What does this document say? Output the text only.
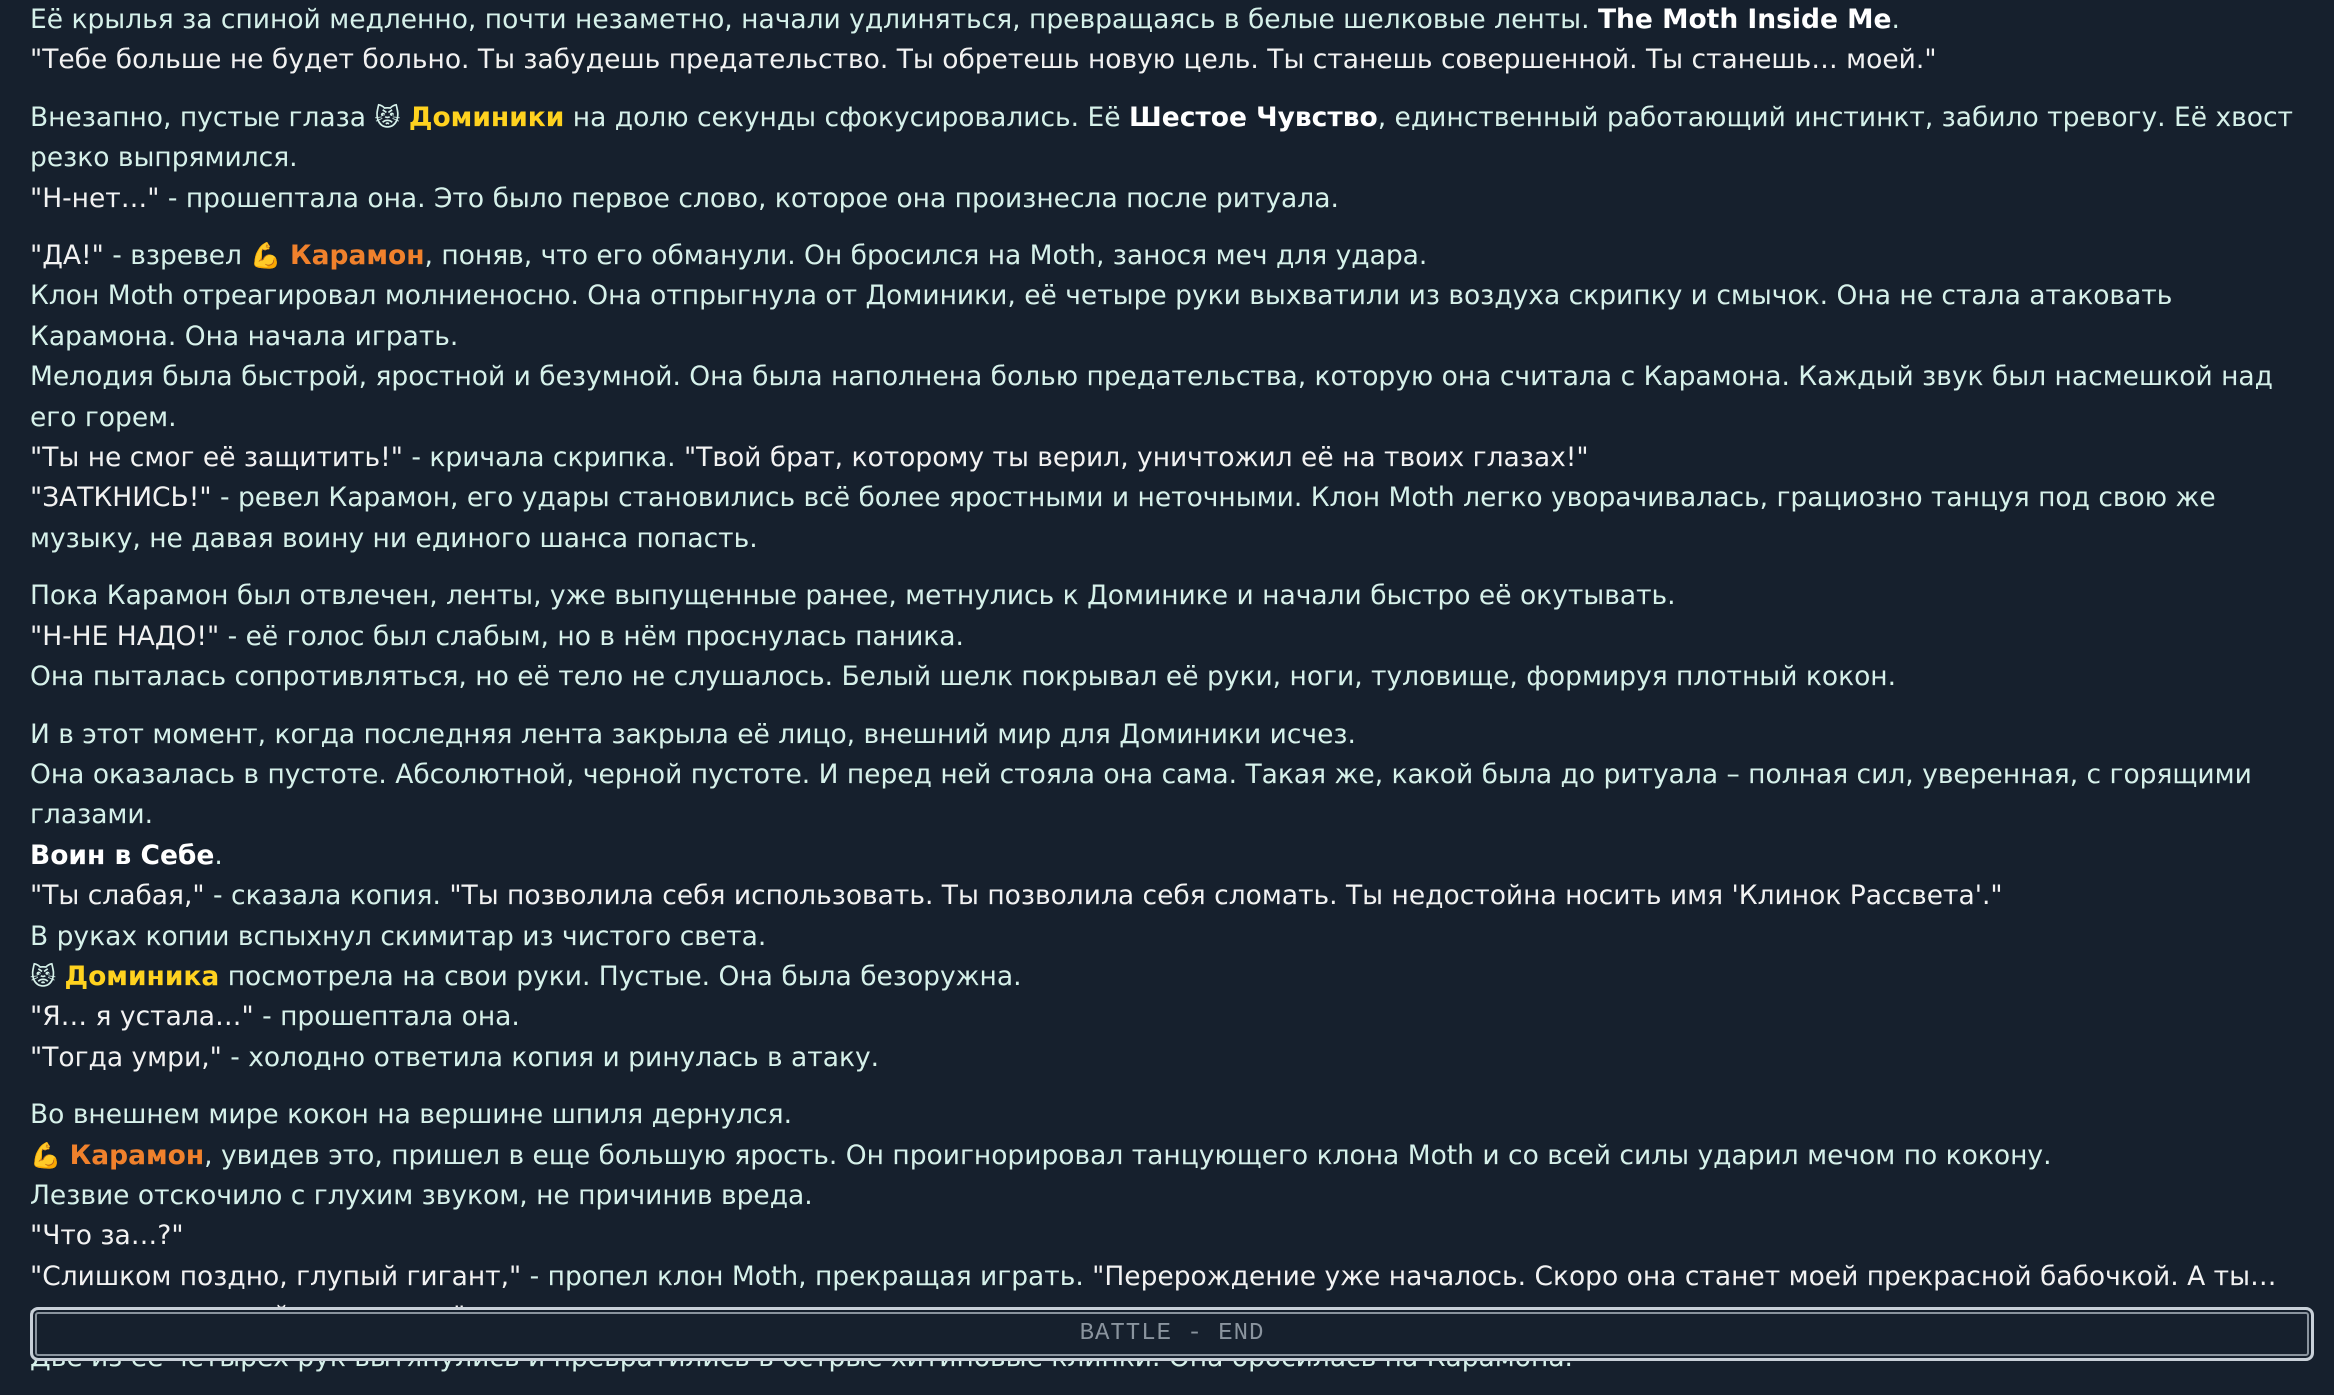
Её крылья за спиной медленно, почти незаметно, начали удлиняться, превращаясь в белые шелковые ленты. The Moth Inside Me.
"Тебе больше не будет больно. Ты забудешь предательство. Ты обретешь новую цель. Ты станешь совершенной. Ты станешь… моей."
Внезапно, пустые глаза 😾 Доминики на долю секунды сфокусировались. Её Шестое Чувство, единственный работающий инстинкт, забило тревогу. Её хвост резко выпрямился.
"Н-нет…" - прошептала она. Это было первое слово, которое она произнесла после ритуала.
"ДА!" - взревел 💪 Карамон, поняв, что его обманули. Он бросился на Moth, занося меч для удара.
Клон Moth отреагировал молниеносно. Она отпрыгнула от Доминики, её четыре руки выхватили из воздуха скрипку и смычок. Она не стала атаковать Карамона. Она начала играть.
Мелодия была быстрой, яростной и безумной. Она была наполнена болью предательства, которую она считала с Карамона. Каждый звук был насмешкой над его горем.
"Ты не смог её защитить!" - кричала скрипка. "Твой брат, которому ты верил, уничтожил её на твоих глазах!"
"ЗАТКНИСЬ!" - ревел Карамон, его удары становились всё более яростными и неточными. Клон Moth легко уворачивалась, грациозно танцуя под свою же музыку, не давая воину ни единого шанса попасть.
Пока Карамон был отвлечен, ленты, уже выпущенные ранее, метнулись к Доминике и начали быстро её окутывать.
"Н-НЕ НАДО!" - её голос был слабым, но в нём проснулась паника.
Она пыталась сопротивляться, но её тело не слушалось. Белый шелк покрывал её руки, ноги, туловище, формируя плотный кокон.
И в этот момент, когда последняя лента закрыла её лицо, внешний мир для Доминики исчез.
Она оказалась в пустоте. Абсолютной, черной пустоте. И перед ней стояла она сама. Такая же, какой была до ритуала – полная сил, уверенная, с горящими глазами.
Воин в Себе.
"Ты слабая," - сказала копия. "Ты позволила себя использовать. Ты позволила себя сломать. Ты недостойна носить имя 'Клинок Рассвета'."
В руках копии вспыхнул скимитар из чистого света.
😾 Доминика посмотрела на свои руки. Пустые. Она была безоружна.
"Я… я устала…" - прошептала она.
"Тогда умри," - холодно ответила копия и ринулась в атаку.
Во внешнем мире кокон на вершине шпиля дернулся.
💪 Карамон, увидев это, пришел в еще большую ярость. Он проигнорировал танцующего клона Moth и со всей силы ударил мечом по кокону.
Лезвие отскочило с глухим звуком, не причинив вреда.
"Что за…?"
"Слишком поздно, глупый гигант," - пропел клон Moth, прекращая играть. "Перерождение уже началось. Скоро она станет моей прекрасной бабочкой. А ты…
BATTLE - END
